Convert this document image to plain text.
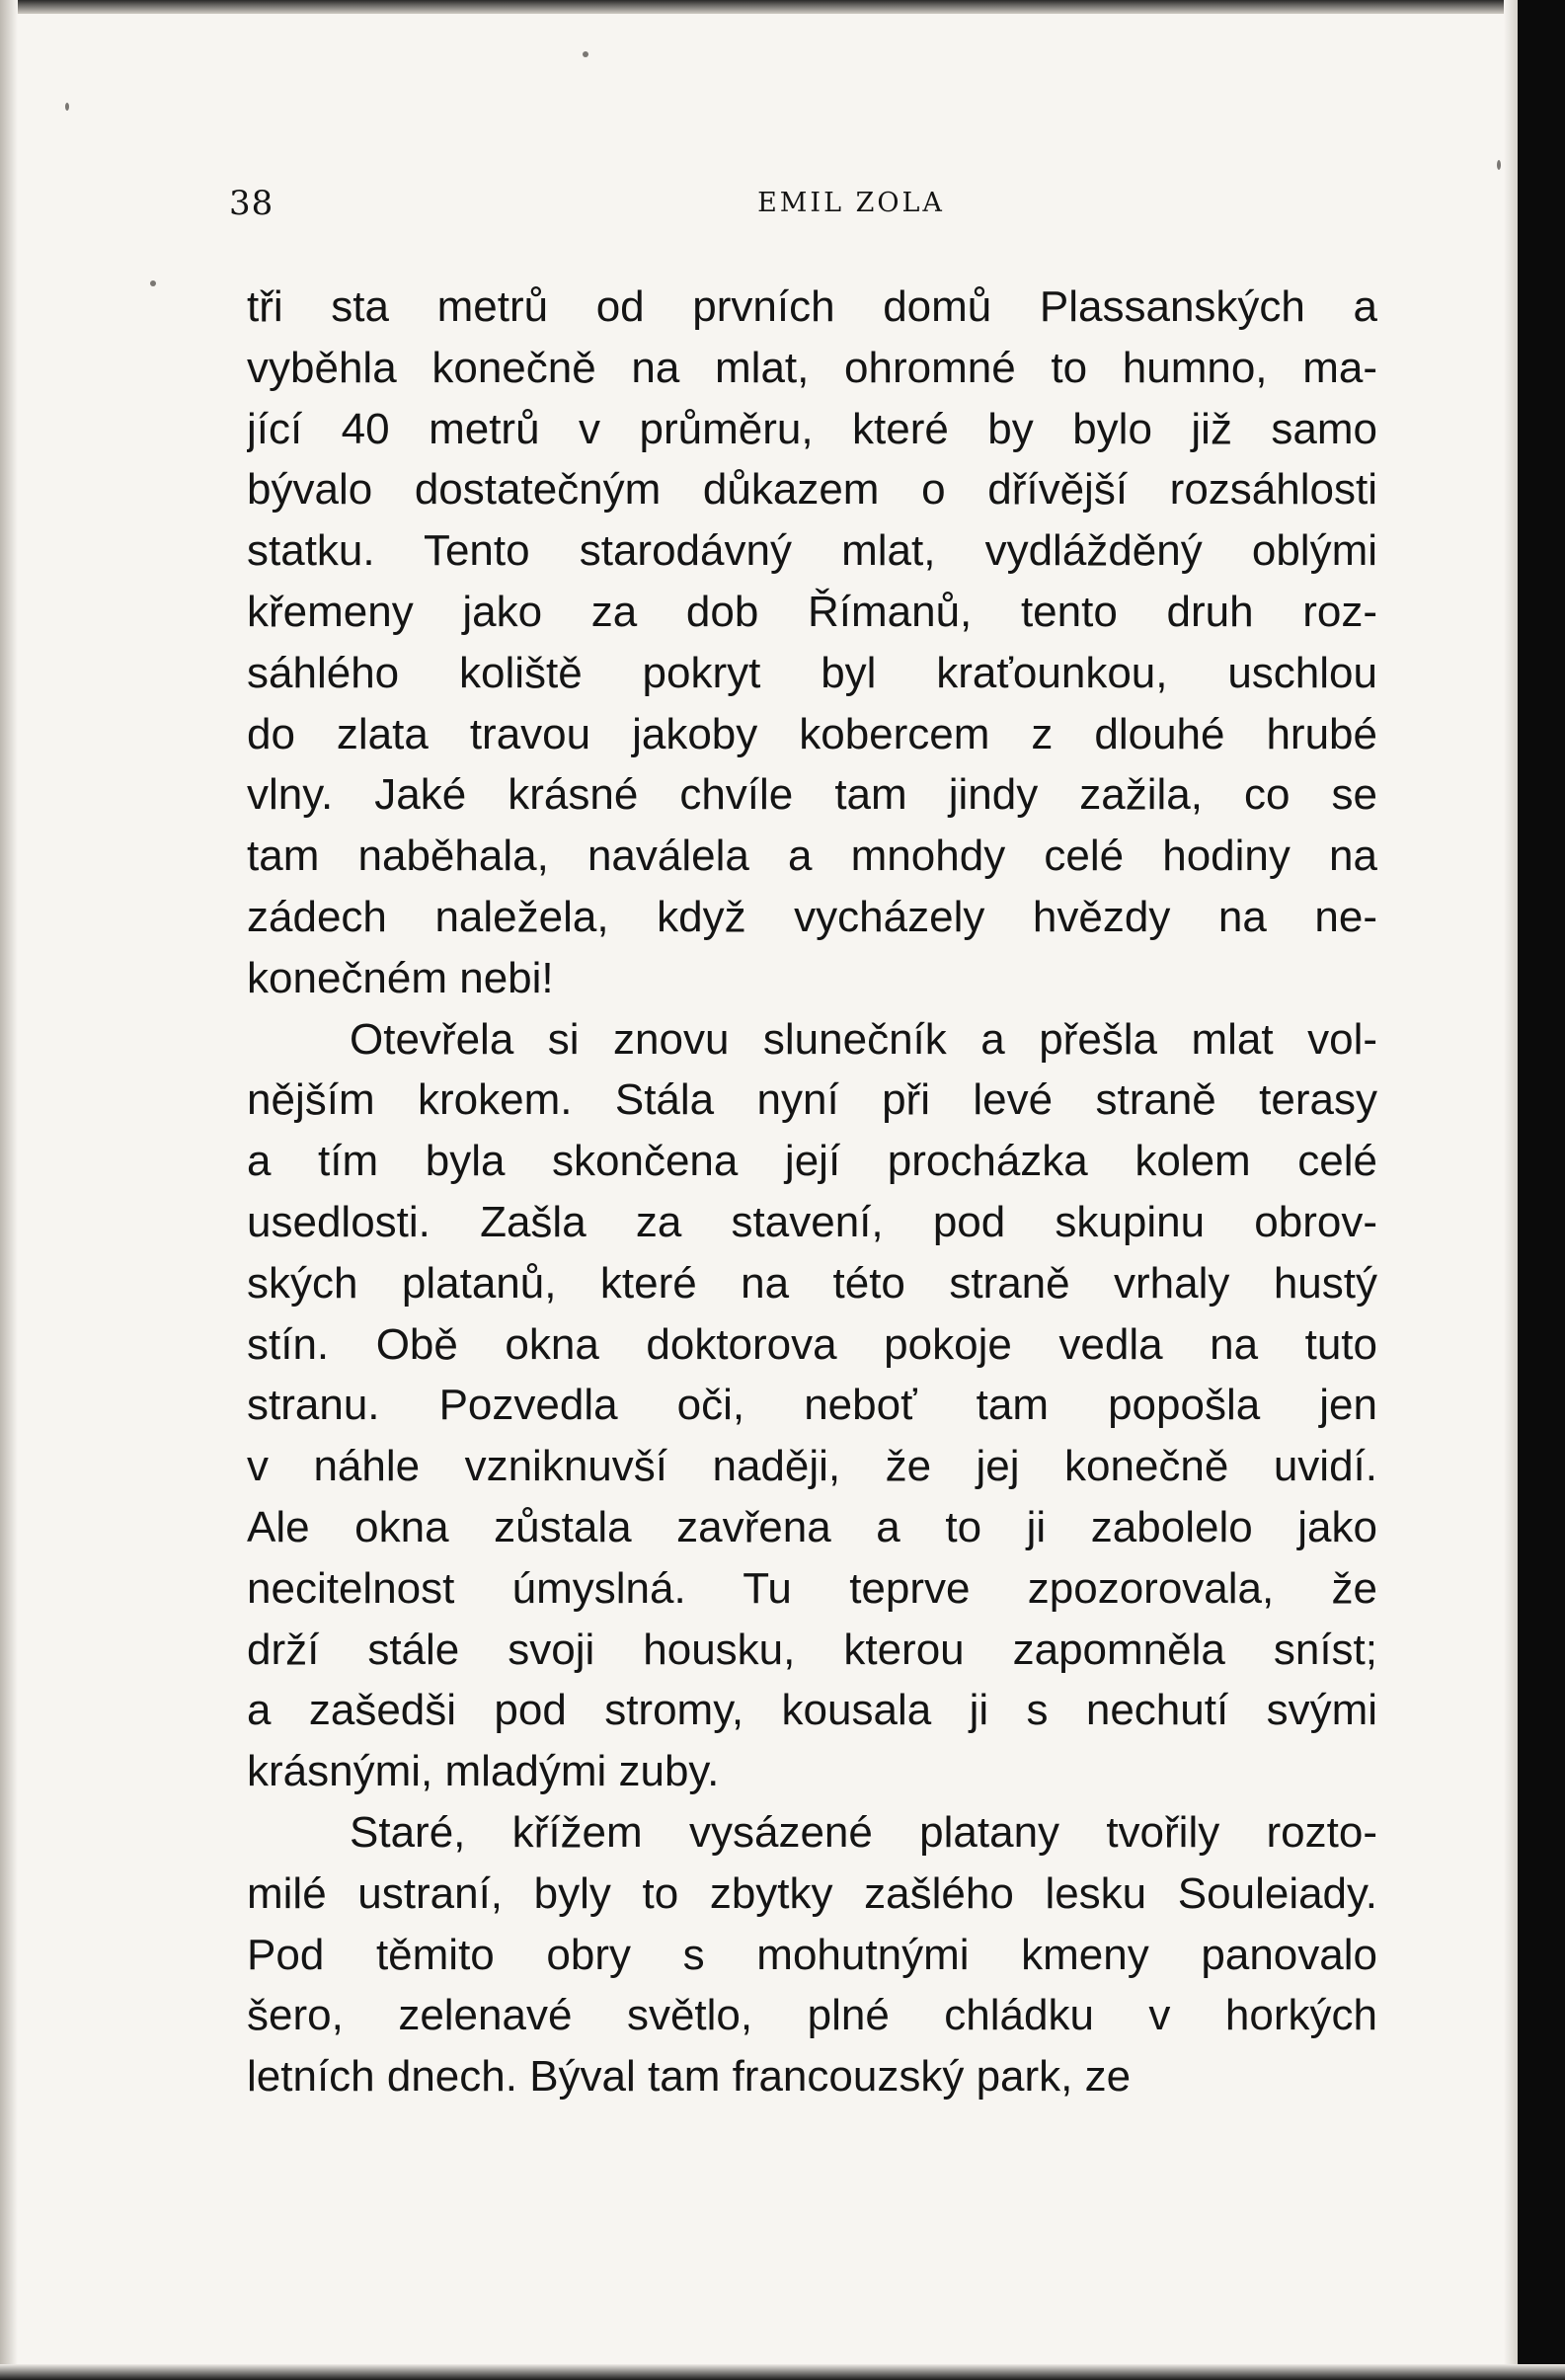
38	EMIL ZOLA
tři sta metrů od prvních domů Plassanských a
vyběhla konečně na mlat, ohromné to humno, ma-
jící 40 metrů v průměru, které by bylo již samo
bývalo dostatečným důkazem o dřívější rozsáhlosti
statku. Tento starodávný mlat, vydlážděný oblými
křemeny jako za dob Římanů, tento druh roz-
sáhlého koliště pokryt byl kraťounkou, uschlou
do zlata travou jakoby kobercem z dlouhé hrubé
vlny. Jaké krásné chvíle tam jindy zažila, co se
tam naběhala, naválela a mnohdy celé hodiny na
zádech naležela, když vycházely hvězdy na ne-
konečném nebi!
Otevřela si znovu slunečník a přešla mlat vol-
nějším krokem. Stála nyní při levé straně terasy
a tím byla skončena její procházka kolem celé
usedlosti. Zašla za stavení, pod skupinu obrov-
ských platanů, které na této straně vrhaly hustý
stín. Obě okna doktorova pokoje vedla na tuto
stranu. Pozvedla oči, neboť tam popošla jen
v náhle vzniknuvší naději, že jej konečně uvidí.
Ale okna zůstala zavřena a to ji zabolelo jako
necitelnost úmyslná. Tu teprve zpozorovala, že
drží stále svoji housku, kterou zapomněla sníst;
a zašedši pod stromy, kousala ji s nechutí svými
krásnými, mladými zuby.
Staré, křížem vysázené platany tvořily rozto-
milé ustraní, byly to zbytky zašlého lesku Souleiady.
Pod těmito obry s mohutnými kmeny panovalo
šero, zelenavé světlo, plné chládku v horkých
letních dnech. Býval tam francouzský park, ze
